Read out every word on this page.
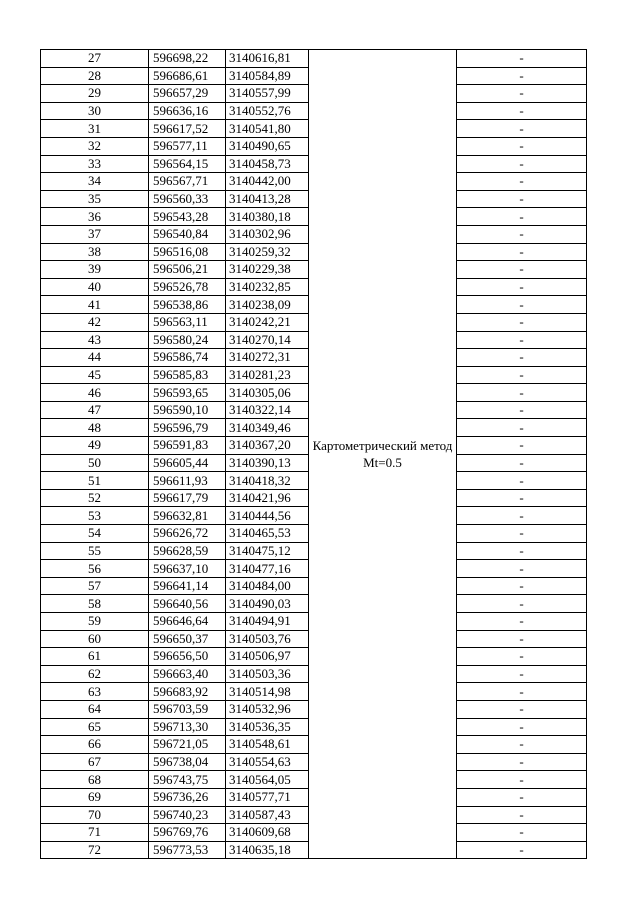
27	596698,22	3140616,81	Картометрический метод Mt=0.5	-
28	596686,61	3140584,89		-
29	596657,29	3140557,99		-
30	596636,16	3140552,76		-
31	596617,52	3140541,80		-
32	596577,11	3140490,65		-
33	596564,15	3140458,73		-
34	596567,71	3140442,00		-
35	596560,33	3140413,28		-
36	596543,28	3140380,18		-
37	596540,84	3140302,96		-
38	596516,08	3140259,32		-
39	596506,21	3140229,38		-
40	596526,78	3140232,85		-
41	596538,86	3140238,09		-
42	596563,11	3140242,21		-
43	596580,24	3140270,14		-
44	596586,74	3140272,31		-
45	596585,83	3140281,23		-
46	596593,65	3140305,06		-
47	596590,10	3140322,14		-
48	596596,79	3140349,46		-
49	596591,83	3140367,20		-
50	596605,44	3140390,13		-
51	596611,93	3140418,32		-
52	596617,79	3140421,96		-
53	596632,81	3140444,56		-
54	596626,72	3140465,53		-
55	596628,59	3140475,12		-
56	596637,10	3140477,16		-
57	596641,14	3140484,00		-
58	596640,56	3140490,03		-
59	596646,64	3140494,91		-
60	596650,37	3140503,76		-
61	596656,50	3140506,97		-
62	596663,40	3140503,36		-
63	596683,92	3140514,98		-
64	596703,59	3140532,96		-
65	596713,30	3140536,35		-
66	596721,05	3140548,61		-
67	596738,04	3140554,63		-
68	596743,75	3140564,05		-
69	596736,26	3140577,71		-
70	596740,23	3140587,43		-
71	596769,76	3140609,68		-
72	596773,53	3140635,18		-
